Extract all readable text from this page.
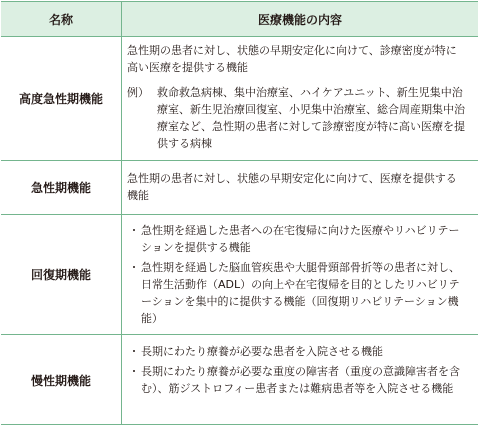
名称	医療機能の内容
高度急性期機能

急性期の患者に対し、状態の早期安定化に向けて、診療密度が特に高い医療を提供する機能

例） 救命救急病棟、集中治療室、ハイケアユニット、新生児集中治療室、新生児治療回復室、小児集中治療室、総合周産期集中治療室など、急性期の患者に対して診療密度が特に高い医療を提供する病棟
急性期機能

急性期の患者に対し、状態の早期安定化に向けて、医療を提供する機能

回復期機能
・ 急性期を経過した患者への在宅復帰に向けた医療やリハビリテーションを提供する機能
・ 急性期を経過した脳血管疾患や大腿骨頸部骨折等の患者に対し、日常生活動作（ADL）の向上や在宅復帰を目的としたリハビリテーションを集中的に提供する機能（回復期リハビリテーション機能）
慢性期機能
・ 長期にわたり療養が必要な患者を入院させる機能
・ 長期にわたり療養が必要な重度の障害者（重度の意識障害者を含む）、筋ジストロフィー患者または難病患者等を入院させる機能
